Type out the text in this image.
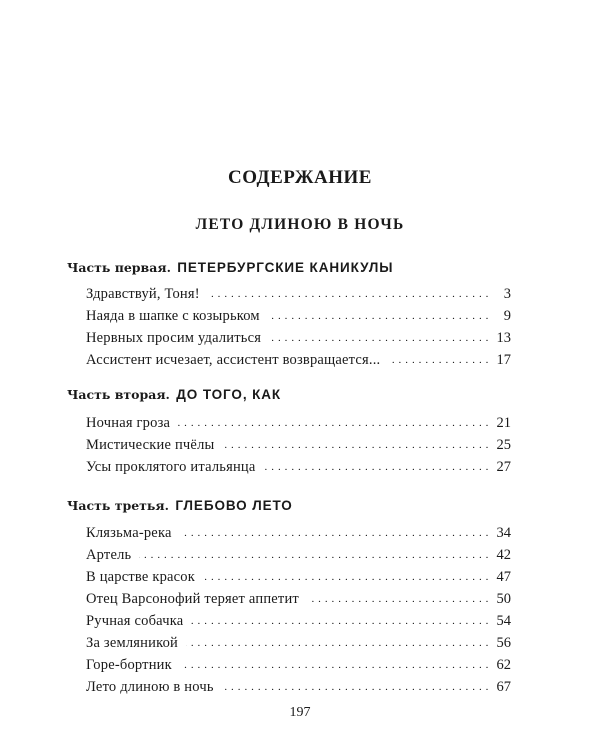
СОДЕРЖАНИЕ
ЛЕТО ДЛИНОЮ В НОЧЬ
Часть первая. ПЕТЕРБУРГСКИЕ КАНИКУЛЫ
Здравствуй, Тоня! . . .	3
Наяда в шапке с козырьком . . .	9
Нервных просим удалиться . . .	13
Ассистент исчезает, ассистент возвращается... . . .	17
Часть вторая. ДО ТОГО, КАК
Ночная гроза . . .	21
Мистические пчёлы . . .	25
Усы проклятого итальянца . . .	27
Часть третья. ГЛЕБОВО ЛЕТО
Клязьма-река . . .	34
Артель . . .	42
В царстве красок . . .	47
Отец Варсонофий теряет аппетит . . .	50
Ручная собачка . . .	54
За земляникой . . .	56
Горе-бортник . . .	62
Лето длиною в ночь . . .	67
197
